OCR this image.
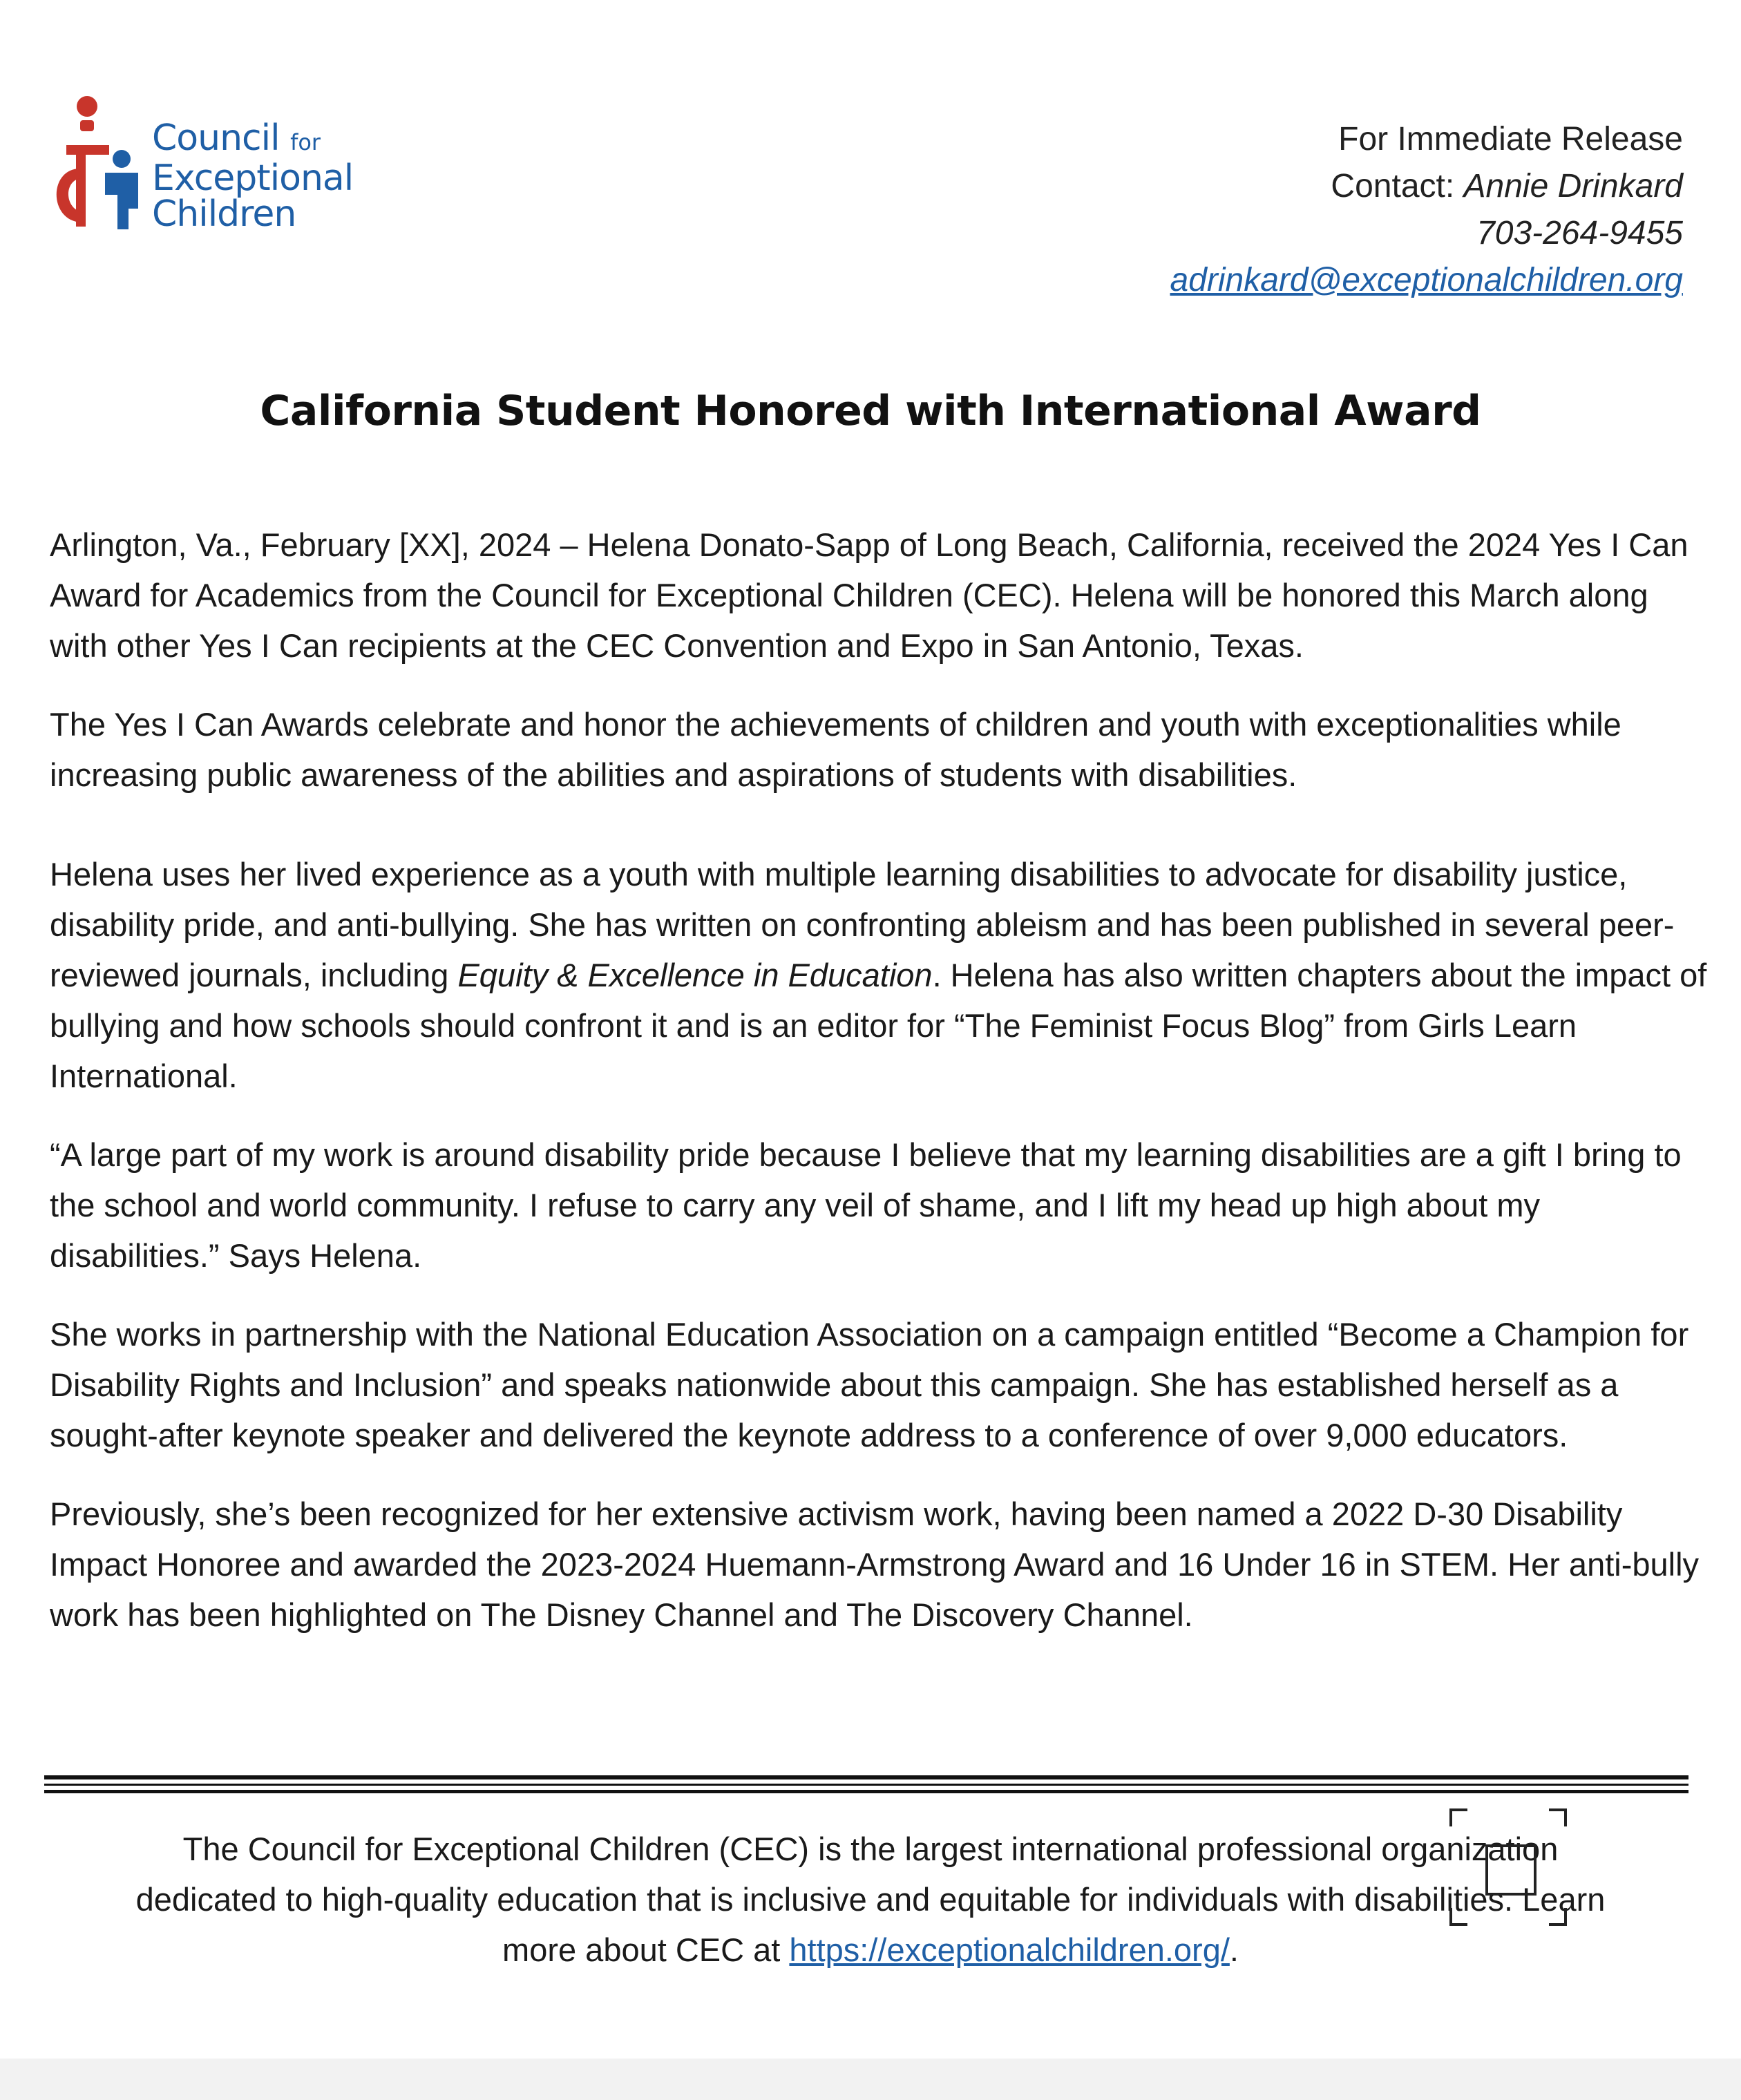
Council for
Exceptional
Children
For Immediate Release
Contact: Annie Drinkard
703-264-9455
adrinkard@exceptionalchildren.org
California Student Honored with International Award

Arlington, Va., February [XX], 2024 – Helena Donato-Sapp of Long Beach, California, received the 2024 Yes I Can Award for Academics from the Council for Exceptional Children (CEC). Helena will be honored this March along with other Yes I Can recipients at the CEC Convention and Expo in San Antonio, Texas.

The Yes I Can Awards celebrate and honor the achievements of children and youth with exceptionalities while increasing public awareness of the abilities and aspirations of students with disabilities.

Helena uses her lived experience as a youth with multiple learning disabilities to advocate for disability justice, disability pride, and anti-bullying. She has written on confronting ableism and has been published in several peer-reviewed journals, including Equity & Excellence in Education. Helena has also written chapters about the impact of bullying and how schools should confront it and is an editor for “The Feminist Focus Blog” from Girls Learn International.

“A large part of my work is around disability pride because I believe that my learning disabilities are a gift I bring to the school and world community. I refuse to carry any veil of shame, and I lift my head up high about my disabilities.” Says Helena.

She works in partnership with the National Education Association on a campaign entitled “Become a Champion for Disability Rights and Inclusion” and speaks nationwide about this campaign. She has established herself as a sought-after keynote speaker and delivered the keynote address to a conference of over 9,000 educators.

Previously, she’s been recognized for her extensive activism work, having been named a 2022 D-30 Disability Impact Honoree and awarded the 2023-2024 Huemann-Armstrong Award and 16 Under 16 in STEM. Her anti-bully work has been highlighted on The Disney Channel and The Discovery Channel.

The Council for Exceptional Children (CEC) is the largest international professional organization

dedicated to high-quality education that is inclusive and equitable for individuals with disabilities. Learn

more about CEC at https://exceptionalchildren.org/.
